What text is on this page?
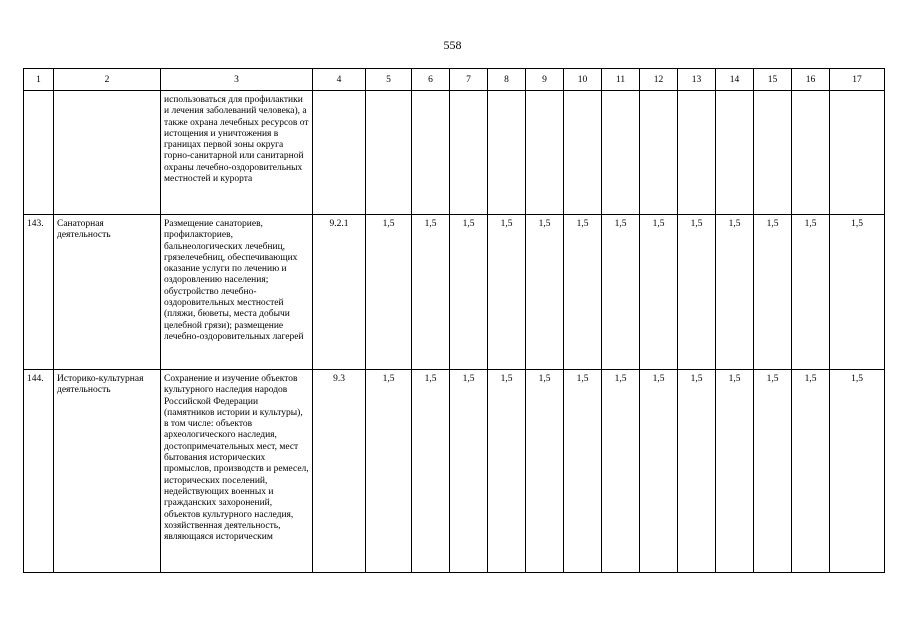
558
1	2	3	4	5	6	7	8	9	10	11	12	13	14	15	16	17
		использоваться для профилактики и лечения заболеваний человека), а также охрана лечебных ресурсов от истощения и уничтожения в границах первой зоны округа горно-санитарной или санитарной охраны лечебно-оздоровительных местностей и курорта														
143.	Санаторная деятельность	Размещение санаториев, профилакториев, бальнеологических лечебниц, грязелечебниц, обеспечивающих оказание услуги по лечению и оздоровлению населения; обустройство лечебно-оздоровительных местностей (пляжи, бюветы, места добычи целебной грязи); размещение лечебно-оздоровительных лагерей	9.2.1	1,5	1,5	1,5	1,5	1,5	1,5	1,5	1,5	1,5	1,5	1,5	1,5	1,5
144.	Историко-культурная деятельность	Сохранение и изучение объектов культурного наследия народов Российской Федерации (памятников истории и культуры), в том числе: объектов археологического наследия, достопримечательных мест, мест бытования исторических промыслов, производств и ремесел, исторических поселений, недействующих военных и гражданских захоронений, объектов культурного наследия, хозяйственная деятельность, являющаяся историческим	9.3	1,5	1,5	1,5	1,5	1,5	1,5	1,5	1,5	1,5	1,5	1,5	1,5	1,5
